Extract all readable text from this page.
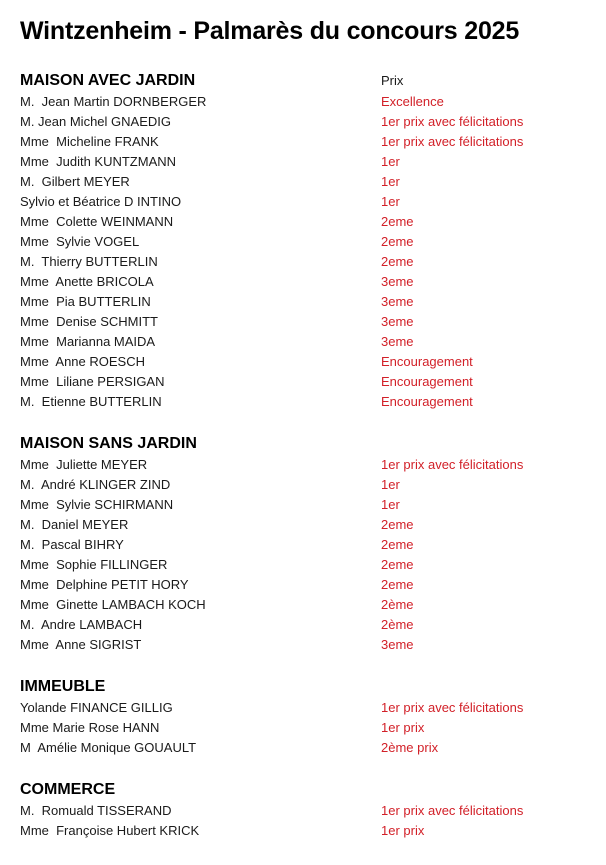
Wintzenheim - Palmarès du concours 2025
MAISON AVEC JARDIN	Prix
M.  Jean Martin DORNBERGER	Excellence
M. Jean Michel GNAEDIG	1er prix avec félicitations
Mme  Micheline FRANK	1er prix avec félicitations
Mme  Judith KUNTZMANN	1er
M.  Gilbert MEYER	1er
Sylvio et Béatrice D INTINO	1er
Mme  Colette WEINMANN	2eme
Mme  Sylvie VOGEL	2eme
M.  Thierry BUTTERLIN	2eme
Mme  Anette BRICOLA	3eme
Mme  Pia BUTTERLIN	3eme
Mme  Denise SCHMITT	3eme
Mme  Marianna MAIDA	3eme
Mme  Anne ROESCH	Encouragement
Mme  Liliane PERSIGAN	Encouragement
M.  Etienne BUTTERLIN	Encouragement
MAISON SANS JARDIN
Mme  Juliette MEYER	1er prix avec félicitations
M.  André KLINGER ZIND	1er
Mme  Sylvie SCHIRMANN	1er
M.  Daniel MEYER	2eme
M.  Pascal BIHRY	2eme
Mme  Sophie FILLINGER	2eme
Mme  Delphine PETIT HORY	2eme
Mme  Ginette LAMBACH KOCH	2ème
M.  Andre LAMBACH	2ème
Mme  Anne SIGRIST	3eme
IMMEUBLE
Yolande FINANCE GILLIG	1er prix avec félicitations
Mme Marie Rose HANN	1er prix
M  Amélie Monique GOUAULT	2ème prix
COMMERCE
M.  Romuald TISSERAND	1er prix avec félicitations
Mme  Françoise Hubert KRICK	1er prix
